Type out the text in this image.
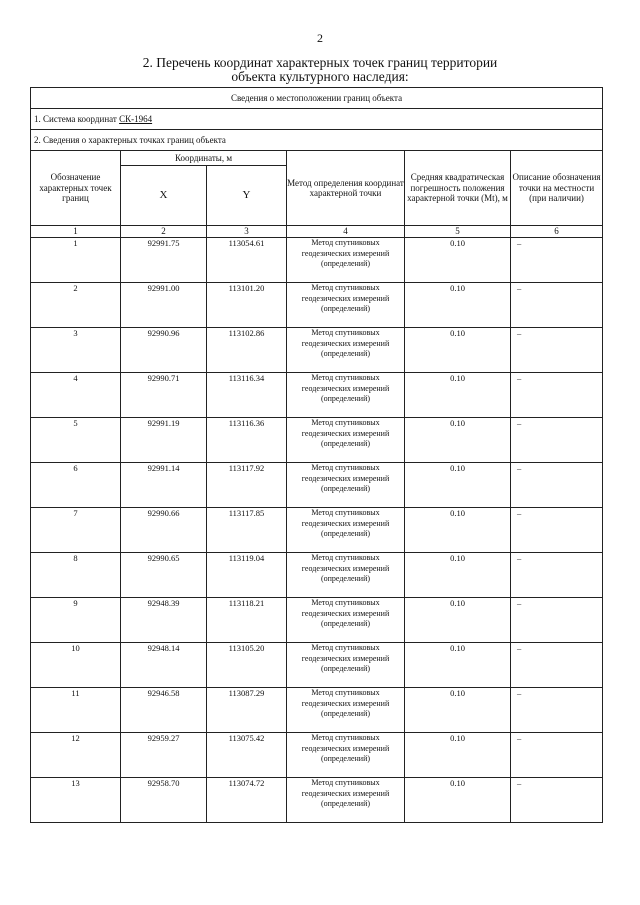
2
2. Перечень координат характерных точек границ территории
объекта культурного наследия:
Сведения о местоположении границ объекта					
1. Система координат СК-1964					
2. Сведения о характерных точках границ объекта					
Обозначение характерных точек границ	Координаты, м		Метод определения координат характерной точки	Средняя квадратическая погрешность положения характерной точки (Мt), м	Описание обозначения точки на местности (при наличии)
	X	Y			
1	2	3	4	5	6
1	92991.75	113054.61	Метод спутниковых геодезических измерений (определений)	0.10	–
2	92991.00	113101.20	Метод спутниковых геодезических измерений (определений)	0.10	–
3	92990.96	113102.86	Метод спутниковых геодезических измерений (определений)	0.10	–
4	92990.71	113116.34	Метод спутниковых геодезических измерений (определений)	0.10	–
5	92991.19	113116.36	Метод спутниковых геодезических измерений (определений)	0.10	–
6	92991.14	113117.92	Метод спутниковых геодезических измерений (определений)	0.10	–
7	92990.66	113117.85	Метод спутниковых геодезических измерений (определений)	0.10	–
8	92990.65	113119.04	Метод спутниковых геодезических измерений (определений)	0.10	–
9	92948.39	113118.21	Метод спутниковых геодезических измерений (определений)	0.10	–
10	92948.14	113105.20	Метод спутниковых геодезических измерений (определений)	0.10	–
11	92946.58	113087.29	Метод спутниковых геодезических измерений (определений)	0.10	–
12	92959.27	113075.42	Метод спутниковых геодезических измерений (определений)	0.10	–
13	92958.70	113074.72	Метод спутниковых геодезических измерений (определений)	0.10	–
